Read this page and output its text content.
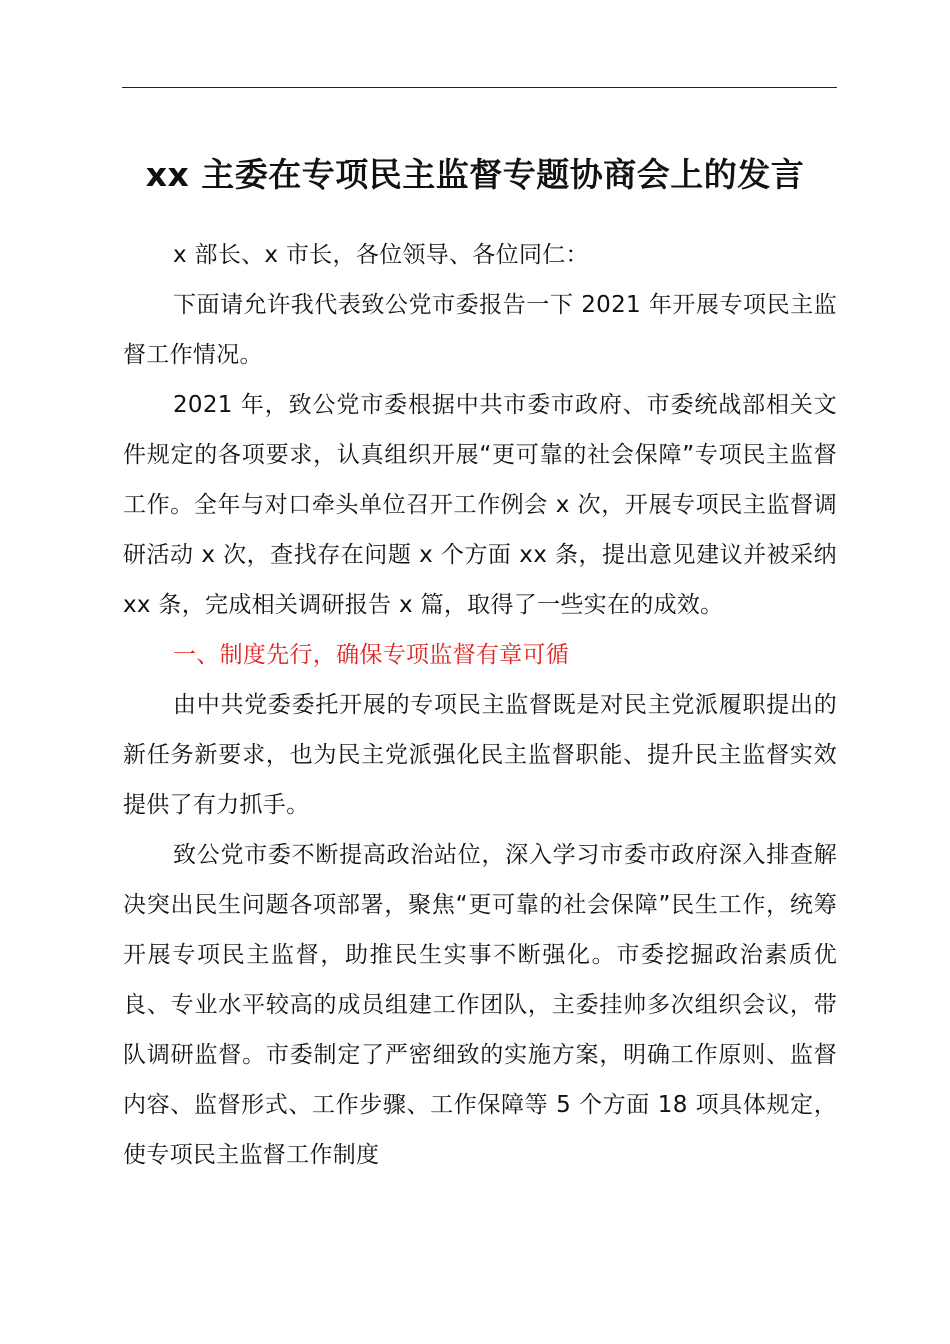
xx 主委在专项民主监督专题协商会上的发言

x 部长、x 市长，各位领导、各位同仁：

下面请允许我代表致公党市委报告一下 2021 年开展专项民主监督工作情况。

2021 年，致公党市委根据中共市委市政府、市委统战部相关文件规定的各项要求，认真组织开展“更可靠的社会保障”专项民主监督工作。全年与对口牵头单位召开工作例会 x 次，开展专项民主监督调研活动 x 次，查找存在问题 x 个方面 xx 条，提出意见建议并被采纳 xx 条，完成相关调研报告 x 篇，取得了一些实在的成效。

一、制度先行，确保专项监督有章可循

由中共党委委托开展的专项民主监督既是对民主党派履职提出的新任务新要求，也为民主党派强化民主监督职能、提升民主监督实效提供了有力抓手。

致公党市委不断提高政治站位，深入学习市委市政府深入排查解决突出民生问题各项部署，聚焦“更可靠的社会保障”民生工作，统筹开展专项民主监督，助推民生实事不断强化。市委挖掘政治素质优良、专业水平较高的成员组建工作团队，主委挂帅多次组织会议，带队调研监督。市委制定了严密细致的实施方案，明确工作原则、监督内容、监督形式、工作步骤、工作保障等 5 个方面 18 项具体规定，使专项民主监督工作制度
